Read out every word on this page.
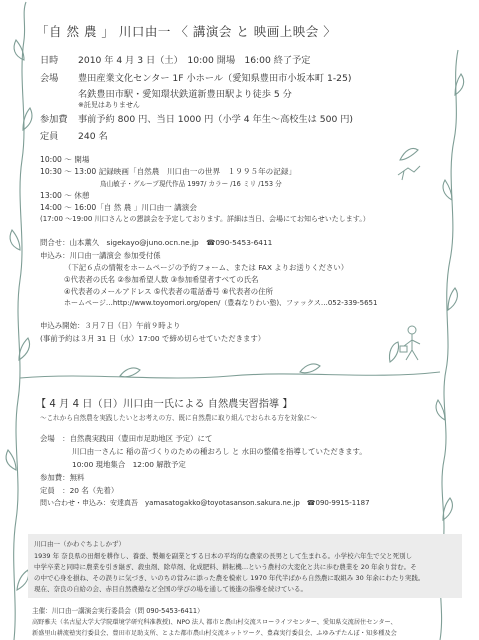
「自 然 農 」 川口由一 〈 講演会 と 映画上映会 〉
日時 2010 年 4 月 3 日（土）　10:00 開場　16:00 終了予定
会場 豊田産業文化センター 1F 小ホール（愛知県豊田市小坂本町 1-25)
名鉄豊田市駅・愛知環状鉄道新豊田駅より徒歩 5 分
※託児はありません
参加費 事前予約 800 円、当日 1000 円（小学 4 年生〜高校生は 500 円)
定員 240 名
10:00 〜 開場
10:30 〜 13:00 記録映画「自然農　川口由一の世界　１９９５年の記録」
鳥山敏子・グループ現代作品 1997/ カラー /16 ミリ /153 分
13:00 〜 休憩
14:00 〜 16:00「自 然 農 」川口由一 講演会
(17:00 〜19:00 川口さんとの懇談会を予定しております。詳細は当日、会場にてお知らせいたします。）
問合せ：山本薫久　sigekayo@juno.ocn.ne.jp　☎090-5453-6411
申込み：川口由一講演会 参加受付係
（下記６点の情報をホームページの予約フォーム、または FAX よりお送りください）
①代表者の氏名 ②参加希望人数 ③参加希望者すべての氏名
④代表者のメールアドレス ⑤代表者の電話番号 ⑥代表者の住所
ホームページ…http://www.toyomori.org/open/（豊森なりわい塾)、ファックス…052-339-5651
申込み開始：３月７日（日）午前９時より
(事前予約は３月 31 日（水）17:00 で締め切らせていただきます）
【 4 月 4 日（日）川口由一氏による 自然農実習指導 】
〜これから自然農を実践したいとお考えの方、既に自然農に取り組んでおられる方を対象に〜
会場　：自然農実践田（豊田市足助地区 予定）にて
川口由一さんに 稲の苗づくりのための種おろし と 水田の整備を指導していただきます。
10:00 現地集合　12:00 解散予定
参加費：無料
定員　：20 名（先着）
問い合わせ・申込み：安達真吾　yamasatogakko@toyotasanson.sakura.ne.jp　☎090-9915-1187
川口由一（かわぐちよしかず）
1939 年 奈良県の田畑を耕作し、養蚕、製麺を副業とする日本の平均的な農家の長男として生まれる。小学校六年生で父と死別し
中学卒業と同時に農業を引き継ぎ、殺虫剤、除草剤、化成肥料、耕耘機…という農村の大変化と共に歩む農業を 20 年余り営む。そ
の中で心身を損ね、その誤りに気づき、いのちの営みに添った農を模索し 1970 年代半ばから自然農に取組み 30 年余にわたり実践。
現在、奈良の自給の会、赤目自然農塾など全国の学びの場を通して後進の指導を続けている。
主催：川口由一講演会実行委員会（問 090-5453-6411）
高野雅夫（名古屋大学大学院環境学研究科准教授)、NPO 法人 都市と農山村交流スローライフセンター、愛知県交流居住センター、
新盛里山耕流塾実行委員会、豊田市足助支所、とよた都市農山村交流ネットワーク、豊森実行委員会、ふゆみずたんぼ・知多種及会
